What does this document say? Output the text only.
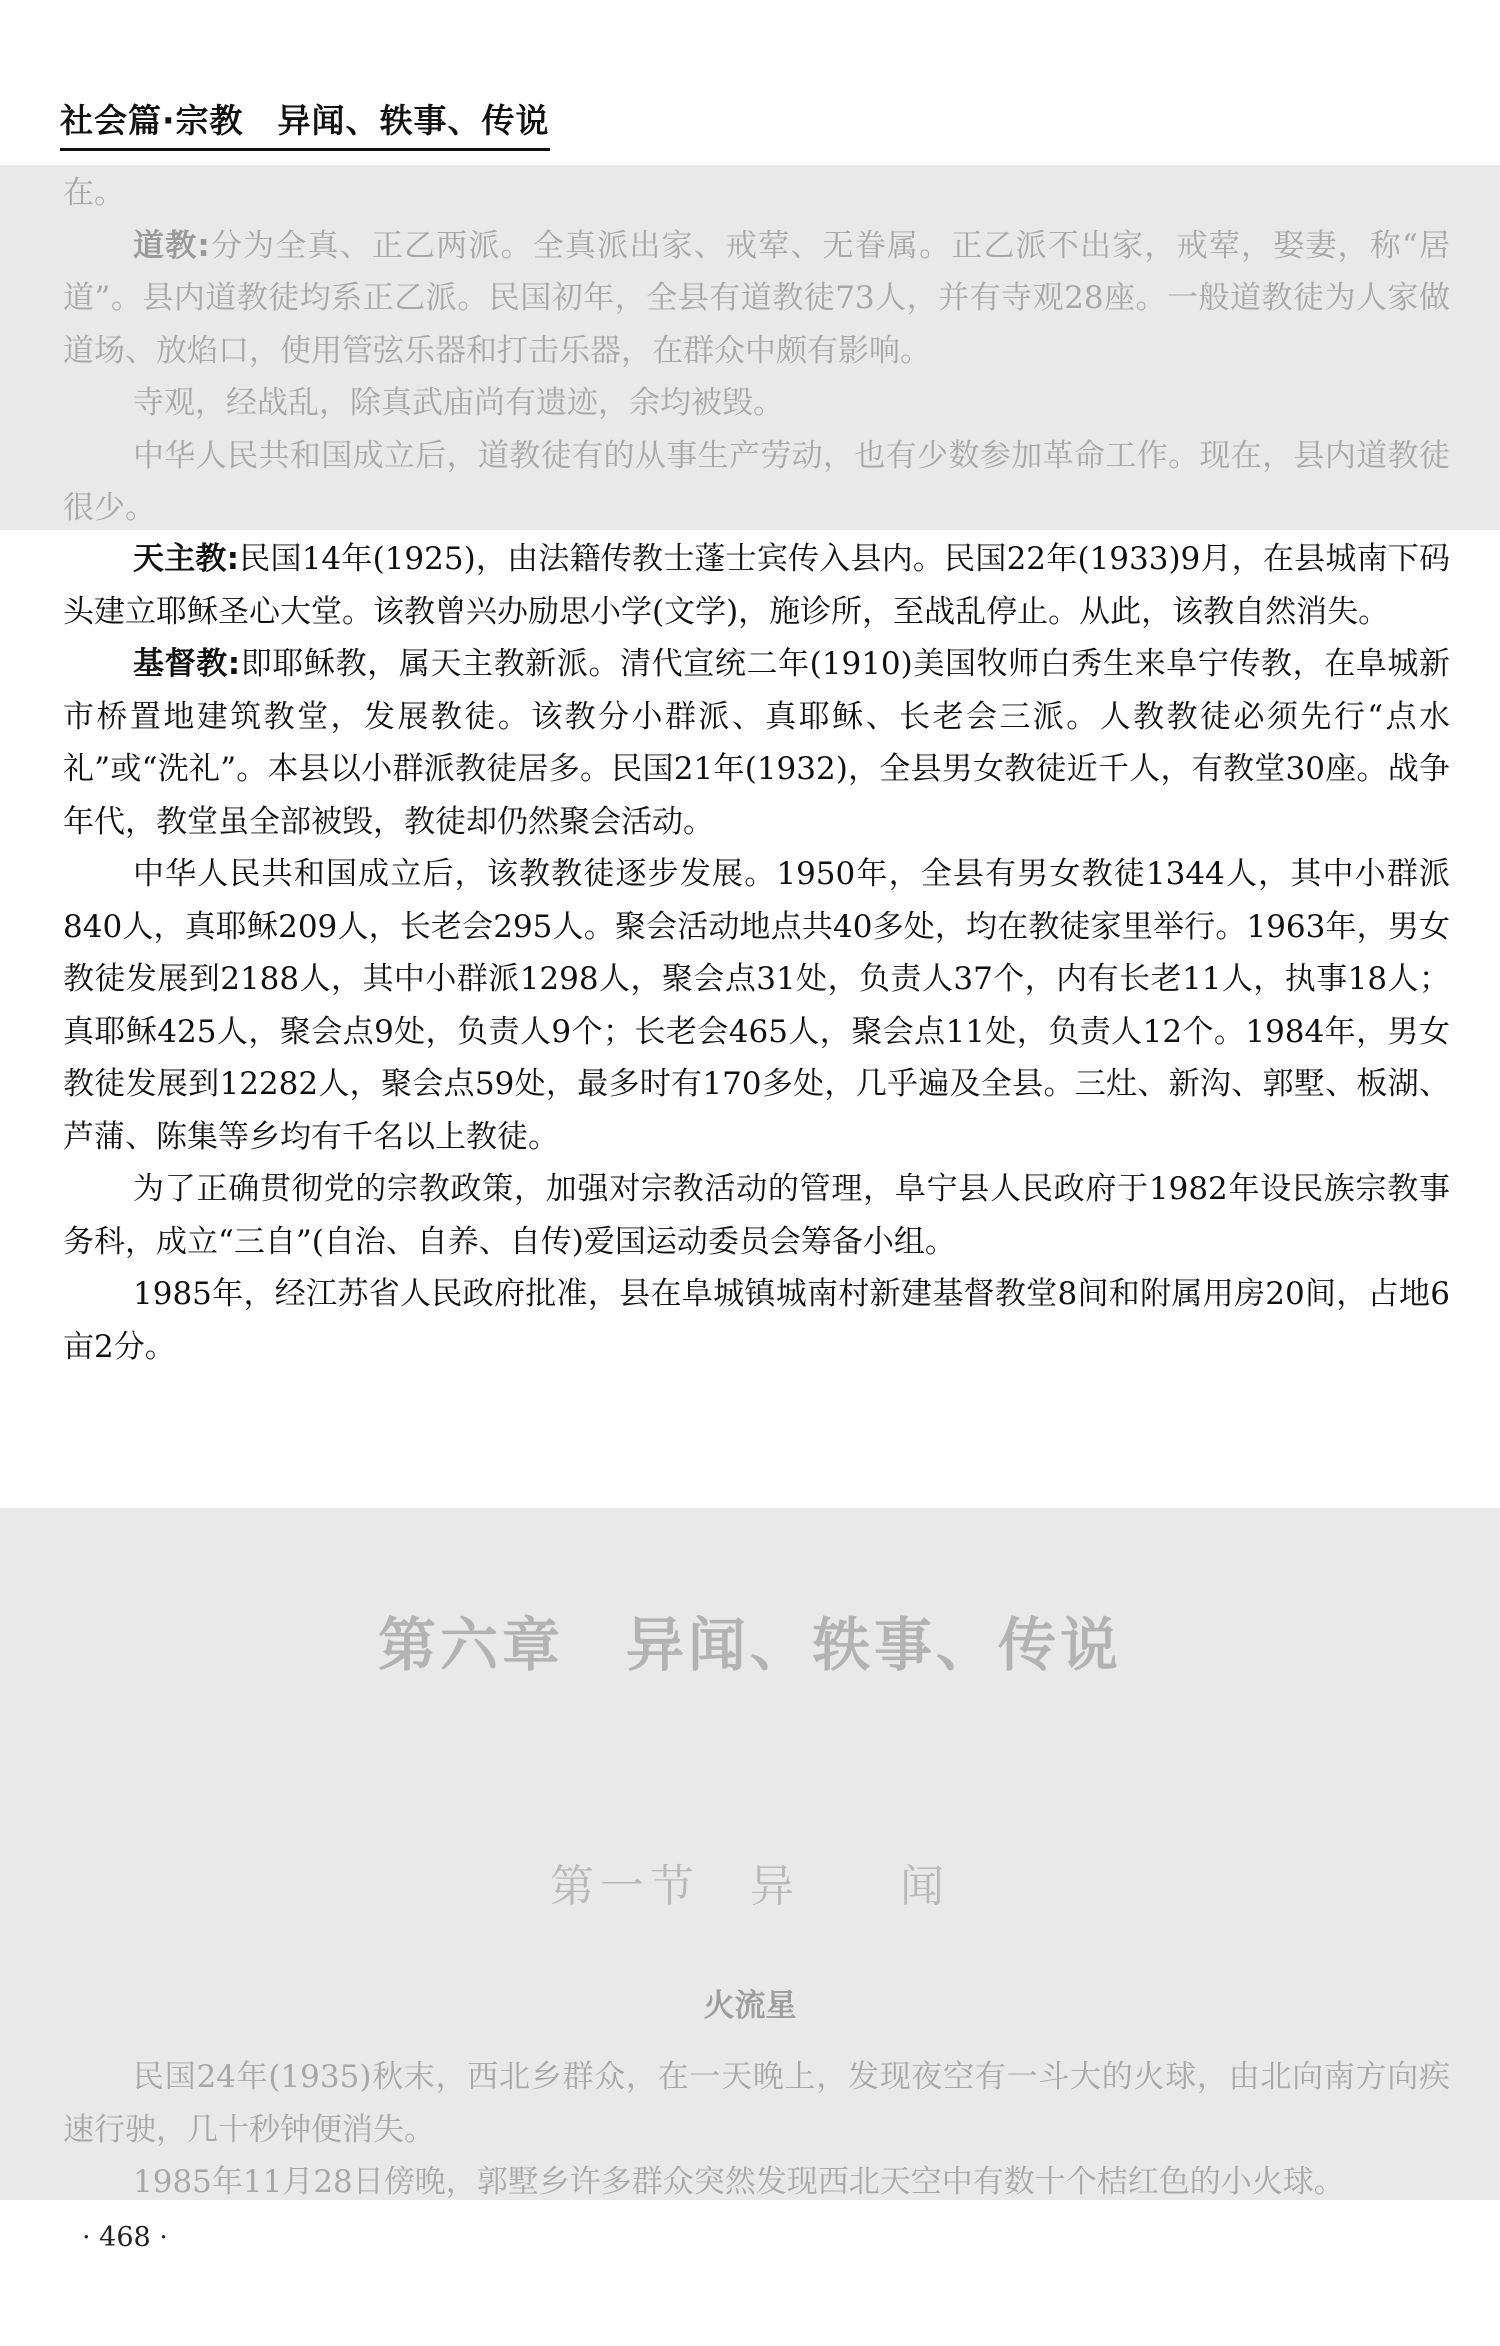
社会篇·宗教 异闻、轶事、传说

在。

道教:分为全真、正乙两派。全真派出家、戒荤、无眷属。正乙派不出家，戒荤，娶妻，称“居道”。县内道教徒均系正乙派。民国初年，全县有道教徒73人，并有寺观28座。一般道教徒为人家做道场、放焰口，使用管弦乐器和打击乐器，在群众中颇有影响。

寺观，经战乱，除真武庙尚有遗迹，余均被毁。

中华人民共和国成立后，道教徒有的从事生产劳动，也有少数参加革命工作。现在，县内道教徒很少。

天主教:民国14年(1925)，由法籍传教士蓬士宾传入县内。民国22年(1933)9月，在县城南下码头建立耶稣圣心大堂。该教曾兴办励思小学(文学)，施诊所，至战乱停止。从此，该教自然消失。

基督教:即耶稣教，属天主教新派。清代宣统二年(1910)美国牧师白秀生来阜宁传教，在阜城新市桥置地建筑教堂，发展教徒。该教分小群派、真耶稣、长老会三派。人教教徒必须先行“点水礼”或“洗礼”。本县以小群派教徒居多。民国21年(1932)，全县男女教徒近千人，有教堂30座。战争年代，教堂虽全部被毁，教徒却仍然聚会活动。

中华人民共和国成立后，该教教徒逐步发展。1950年，全县有男女教徒1344人，其中小群派840人，真耶稣209人，长老会295人。聚会活动地点共40多处，均在教徒家里举行。1963年，男女教徒发展到2188人，其中小群派1298人，聚会点31处，负责人37个，内有长老11人，执事18人；真耶稣425人，聚会点9处，负责人9个；长老会465人，聚会点11处，负责人12个。1984年，男女教徒发展到12282人，聚会点59处，最多时有170多处，几乎遍及全县。三灶、新沟、郭墅、板湖、芦蒲、陈集等乡均有千名以上教徒。

为了正确贯彻党的宗教政策，加强对宗教活动的管理，阜宁县人民政府于1982年设民族宗教事务科，成立“三自”(自治、自养、自传)爱国运动委员会筹备小组。

1985年，经江苏省人民政府批准，县在阜城镇城南村新建基督教堂8间和附属用房20间，占地6亩2分。

第六章　异闻、轶事、传说
第一节　异　　闻
火流星

民国24年(1935)秋末，西北乡群众，在一天晚上，发现夜空有一斗大的火球，由北向南方向疾速行驶，几十秒钟便消失。

1985年11月28日傍晚，郭墅乡许多群众突然发现西北天空中有数十个桔红色的小火球。

· 468 ·
